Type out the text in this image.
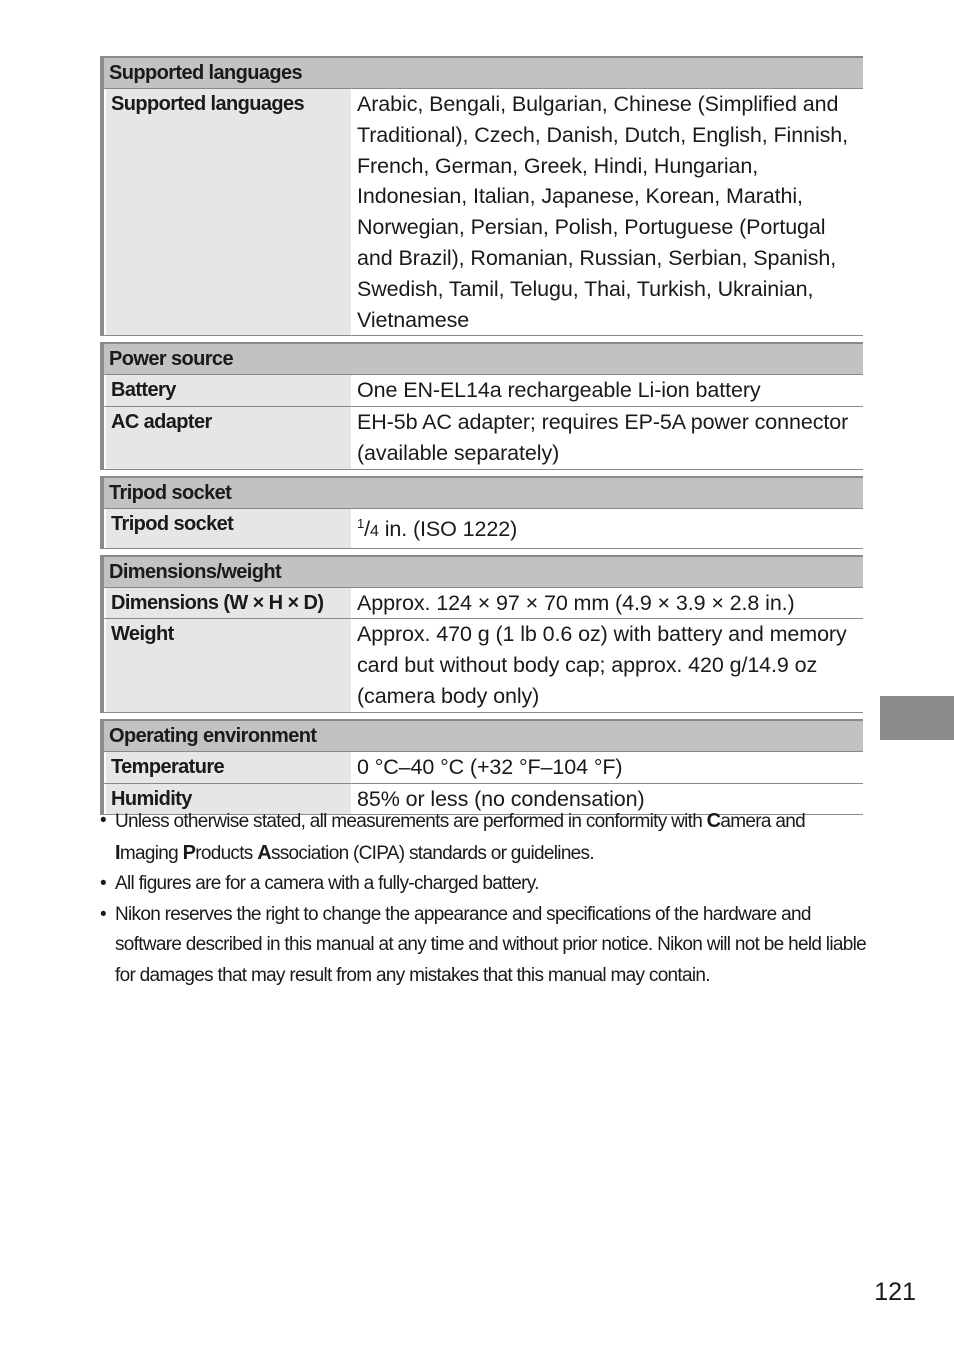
Supported languages
Supported languages	Arabic, Bengali, Bulgarian, Chinese (Simplified and Traditional), Czech, Danish, Dutch, English, Finnish, French, German, Greek, Hindi, Hungarian, Indonesian, Italian, Japanese, Korean, Marathi, Norwegian, Persian, Polish, Portuguese (Portugal and Brazil), Romanian, Russian, Serbian, Spanish, Swedish, Tamil, Telugu, Thai, Turkish, Ukrainian, Vietnamese
Power source
Battery	One EN-EL14a rechargeable Li-ion battery
AC adapter	EH-5b AC adapter; requires EP-5A power connector (available separately)
Tripod socket
Tripod socket	$^1$/4 in. (ISO 1222)
Dimensions/weight
Dimensions (W × H × D)	Approx. 124 × 97 × 70 mm (4.9 × 3.9 × 2.8 in.)
Weight	Approx. 470 g (1 lb 0.6 oz) with battery and memory card but without body cap; approx. 420 g/14.9 oz (camera body only)
Operating environment
Temperature	0 °C–40 °C (+32 °F–104 °F)
Humidity	85% or less (no condensation)
• Unless otherwise stated, all measurements are performed in conformity with Camera and Imaging Products Association (CIPA) standards or guidelines.
• All figures are for a camera with a fully-charged battery.
• Nikon reserves the right to change the appearance and specifications of the hardware and software described in this manual at any time and without prior notice. Nikon will not be held liable for damages that may result from any mistakes that this manual may contain.
121
